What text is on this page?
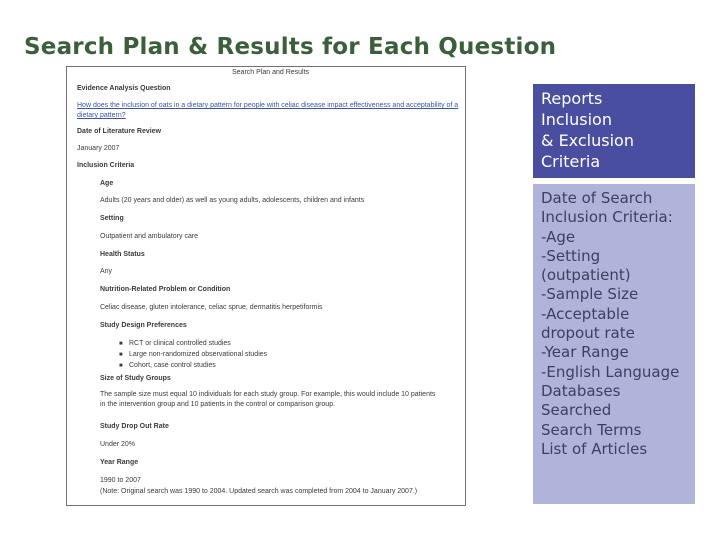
Search Plan & Results for Each Question
Search Plan and Results
Evidence Analysis Question
How does the inclusion of oats in a dietary pattern for people with celiac disease impact effectiveness and acceptability of a
dietary pattern?
Date of Literature Review
January 2007
Inclusion Criteria
Age
Adults (20 years and older) as well as young adults, adolescents, children and infants
Setting
Outpatient and ambulatory care
Health Status
Any
Nutrition-Related Problem or Condition
Celiac disease, gluten intolerance, celiac sprue, dermatitis herpetiformis
Study Design Preferences
■ RCT or clinical controlled studies
■ Large non-randomized observational studies
■ Cohort, case control studies
Size of Study Groups
The sample size must equal 10 individuals for each study group. For example, this would include 10 patients
in the intervention group and 10 patients in the control or comparison group.
Study Drop Out Rate
Under 20%
Year Range
1990 to 2007
(Note: Original search was 1990 to 2004. Updated search was completed from 2004 to January 2007.)
Reports
Inclusion
& Exclusion
Criteria
Date of Search
Inclusion Criteria:
-Age
-Setting
(outpatient)
-Sample Size
-Acceptable
dropout rate
-Year Range
-English Language
Databases
Searched
Search Terms
List of Articles
